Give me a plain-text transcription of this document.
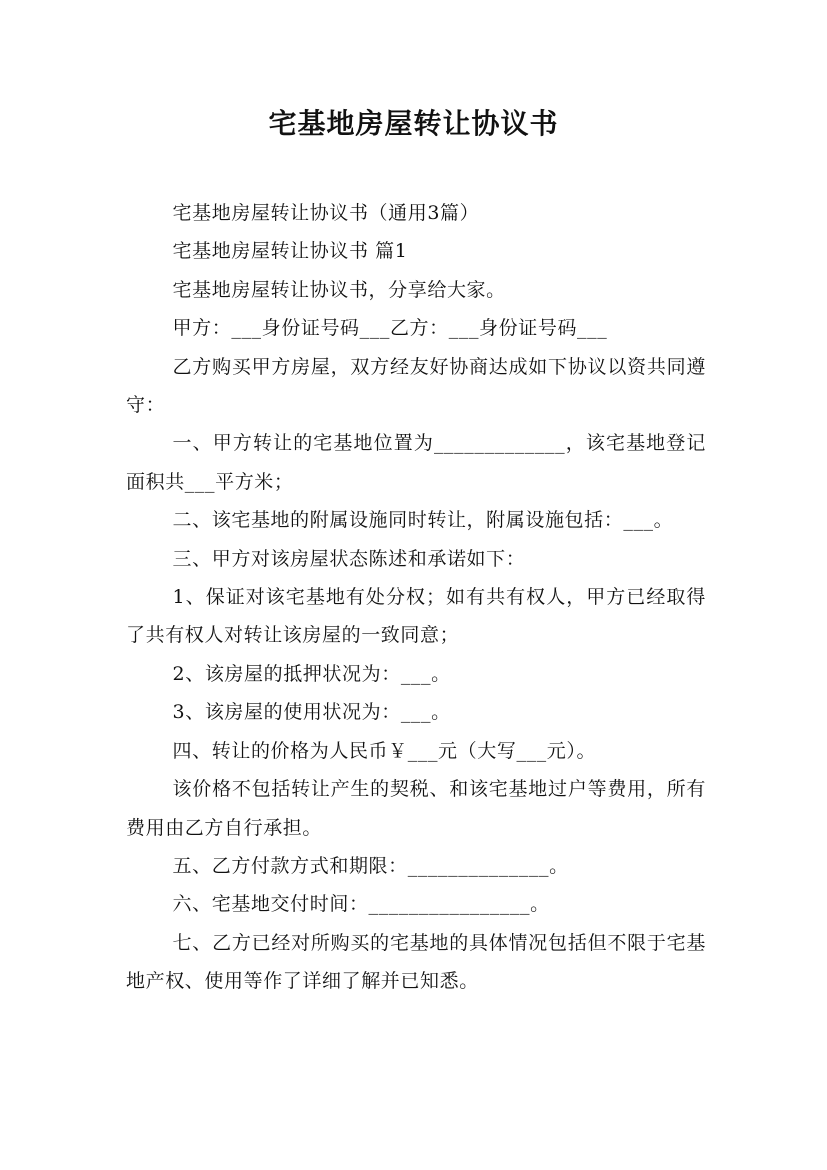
宅基地房屋转让协议书

宅基地房屋转让协议书（通用3篇）

宅基地房屋转让协议书 篇1

宅基地房屋转让协议书，分享给大家。

甲方：___身份证号码___乙方：___身份证号码___

乙方购买甲方房屋，双方经友好协商达成如下协议以资共同遵守：

一、甲方转让的宅基地位置为_____________，该宅基地登记面积共___平方米；

二、该宅基地的附属设施同时转让，附属设施包括：___。

三、甲方对该房屋状态陈述和承诺如下：

1、保证对该宅基地有处分权；如有共有权人，甲方已经取得了共有权人对转让该房屋的一致同意；

2、该房屋的抵押状况为：___。

3、该房屋的使用状况为：___。

四、转让的价格为人民币￥___元（大写___元）。

该价格不包括转让产生的契税、和该宅基地过户等费用，所有费用由乙方自行承担。

五、乙方付款方式和期限：______________。

六、宅基地交付时间：________________。

七、乙方已经对所购买的宅基地的具体情况包括但不限于宅基地产权、使用等作了详细了解并已知悉。
